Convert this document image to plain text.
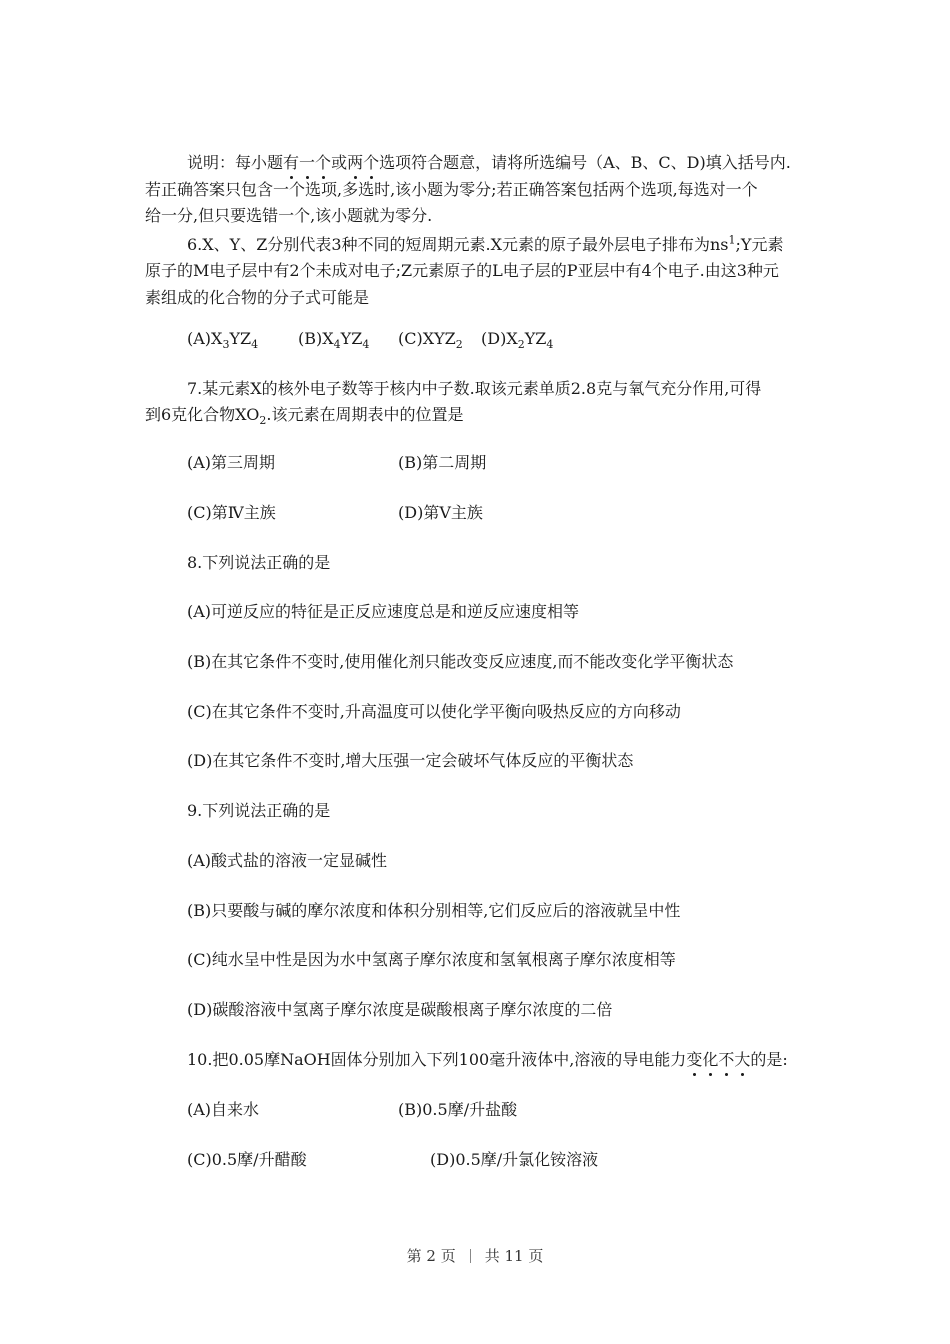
说明：每小题有一个或两个选项符合题意，请将所选编号（A、B、C、D)填入括号内.
若正确答案只包含一个选项,多选时,该小题为零分;若正确答案包括两个选项,每选对一个
给一分,但只要选错一个,该小题就为零分.
6.X、Y、Z分别代表3种不同的短周期元素.X元素的原子最外层电子排布为$ns^1;Y$元素
原子的M电子层中有2个未成对电子;Z元素原子的L电子层的P亚层中有4个电子.由这3种元
素组成的化合物的分子式可能是
$(A)X_3YZ_4$ $(B)X_4YZ_4$ $(C)XYZ_2$ $(D)X_2YZ_4$
7.某元素X的核外电子数等于核内中子数.取该元素单质2.8克与氧气充分作用,可得
到6克化合物$XO_2$.该元素在周期表中的位置是
(A)第三周期	(B)第二周期
(C)第Ⅳ主族	(D)第Ⅴ主族
8.下列说法正确的是
(A)可逆反应的特征是正反应速度总是和逆反应速度相等
(B)在其它条件不变时,使用催化剂只能改变反应速度,而不能改变化学平衡状态
(C)在其它条件不变时,升高温度可以使化学平衡向吸热反应的方向移动
(D)在其它条件不变时,增大压强一定会破坏气体反应的平衡状态
9.下列说法正确的是
(A)酸式盐的溶液一定显碱性
(B)只要酸与碱的摩尔浓度和体积分别相等,它们反应后的溶液就呈中性
(C)纯水呈中性是因为水中氢离子摩尔浓度和氢氧根离子摩尔浓度相等
(D)碳酸溶液中氢离子摩尔浓度是碳酸根离子摩尔浓度的二倍
10.把0.05摩NaOH固体分别加入下列100毫升液体中,溶液的导电能力变化不大的是:
(A)自来水	(B)0.5摩/升盐酸
(C)0.5摩/升醋酸	(D)0.5摩/升氯化铵溶液
第 2 页 共 11 页
